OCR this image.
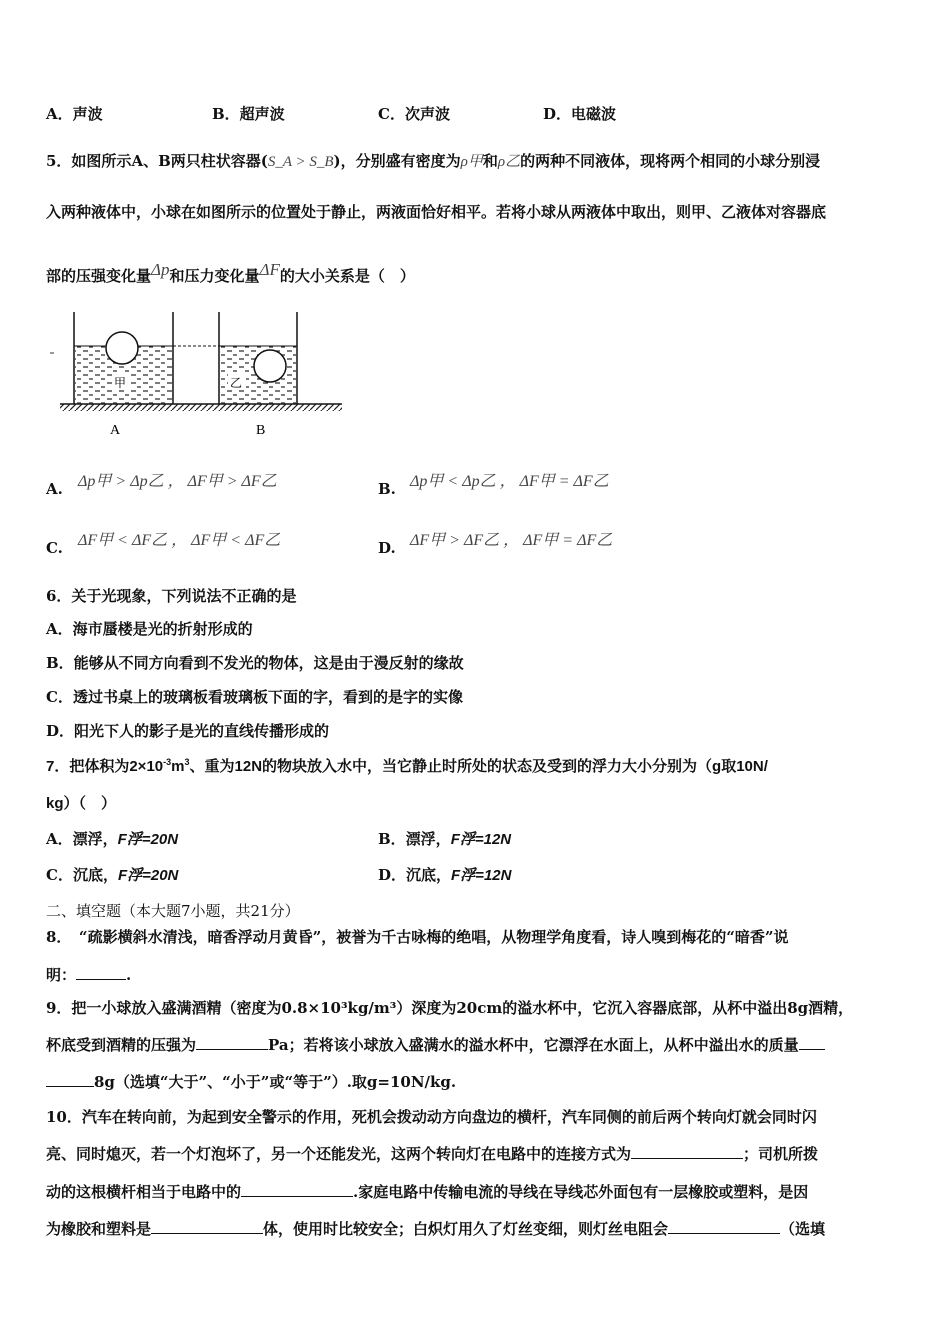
A．声波	B．超声波	C．次声波	D．电磁波
5．如图所示A、B两只柱状容器(S_A > S_B)，分别盛有密度为ρ甲和ρ乙的两种不同液体，现将两个相同的小球分别浸
入两种液体中，小球在如图所示的位置处于静止，两液面恰好相平。若将小球从两液体中取出，则甲、乙液体对容器底
部的压强变化量Δp和压力变化量ΔF的大小关系是（　）
甲	乙
A	B
A. Δp甲 > Δp乙 ， ΔF甲 > ΔF乙	B. Δp甲 < Δp乙 ， ΔF甲 = ΔF乙
C. ΔF甲 < ΔF乙 ， ΔF甲 < ΔF乙	D. ΔF甲 > ΔF乙 ， ΔF甲 = ΔF乙
6．关于光现象，下列说法不正确的是
A．海市蜃楼是光的折射形成的
B．能够从不同方向看到不发光的物体，这是由于漫反射的缘故
C．透过书桌上的玻璃板看玻璃板下面的字，看到的是字的实像
D．阳光下人的影子是光的直线传播形成的
7．把体积为$2\times 10^{-3}m^3$、重为12N的物块放入水中，当它静止时所处的状态及受到的浮力大小分别为（g取10N/
kg）（　）
A．漂浮，F浮=20N	B．漂浮，F浮=12N
C．沉底，F浮=20N	D．沉底，F浮=12N
二、填空题（本大题7小题，共21分）
8．　“疏影横斜水清浅，暗香浮动月黄昏”，被誉为千古咏梅的绝唱，从物理学角度看，诗人嗅到梅花的“暗香”说
明：	.
9．把一小球放入盛满酒精（密度为0.8×10³kg/m³）深度为20cm的溢水杯中，它沉入容器底部，从杯中溢出8g酒精，
杯底受到酒精的压强为	Pa；若将该小球放入盛满水的溢水杯中，它漂浮在水面上，从杯中溢出水的质量
8g（选填“大于”、“小于”或“等于”）.取g=10N/kg.
10．汽车在转向前，为起到安全警示的作用，死机会拨动动方向盘边的横杆，汽车同侧的前后两个转向灯就会同时闪
亮、同时熄灭，若一个灯泡坏了，另一个还能发光，这两个转向灯在电路中的连接方式为	；司机所拨
动的这根横杆相当于电路中的	.家庭电路中传输电流的导线在导线芯外面包有一层橡胶或塑料，是因
为橡胶和塑料是	体，使用时比较安全；白炽灯用久了灯丝变细，则灯丝电阻会	（选填
